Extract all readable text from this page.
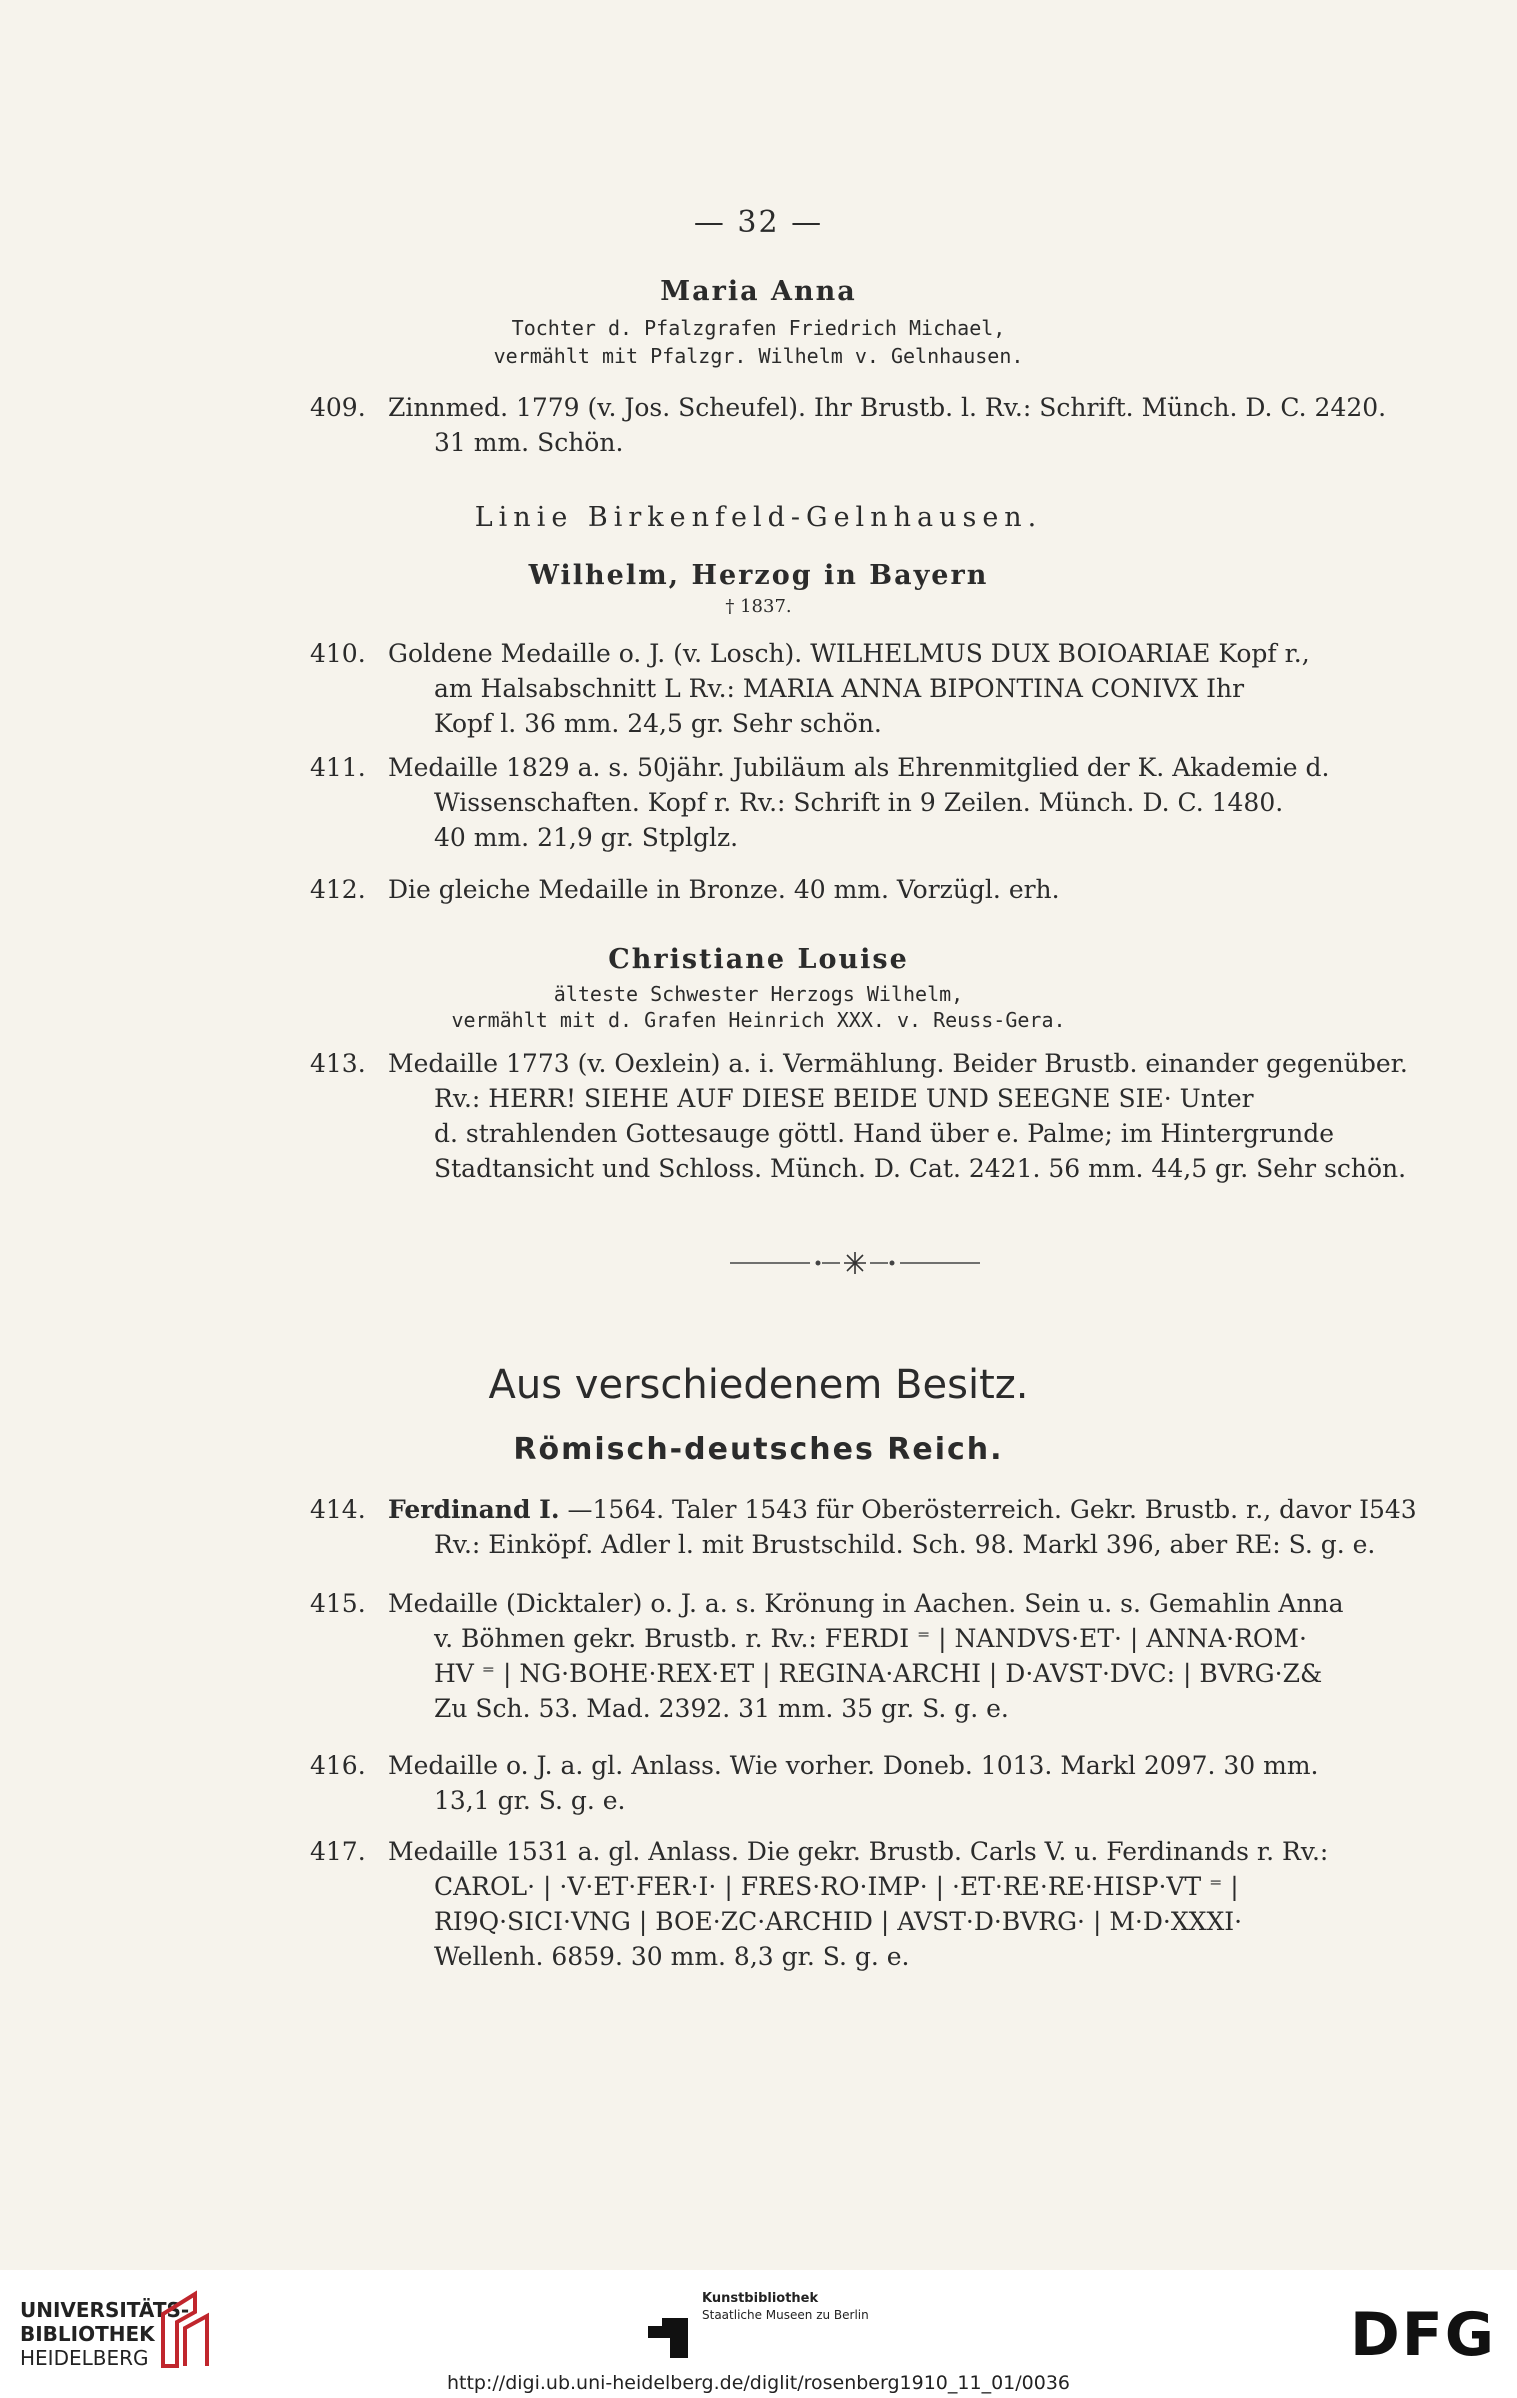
— 32 —
Maria Anna
Tochter d. Pfalzgrafen Friedrich Michael,
vermählt mit Pfalzgr. Wilhelm v. Gelnhausen.
409. Zinnmed. 1779 (v. Jos. Scheufel). Ihr Brustb. l. Rv.: Schrift. Münch. D. C. 2420.
31 mm. Schön.
Linie Birkenfeld-Gelnhausen.
Wilhelm, Herzog in Bayern
† 1837.
410. Goldene Medaille o. J. (v. Losch). WILHELMUS DUX BOIOARIAE Kopf r.,
am Halsabschnitt L Rv.: MARIA ANNA BIPONTINA CONIVX Ihr
Kopf l. 36 mm. 24,5 gr. Sehr schön.
411. Medaille 1829 a. s. 50jähr. Jubiläum als Ehrenmitglied der K. Akademie d.
Wissenschaften. Kopf r. Rv.: Schrift in 9 Zeilen. Münch. D. C. 1480.
40 mm. 21,9 gr. Stplglz.
412. Die gleiche Medaille in Bronze. 40 mm. Vorzügl. erh.
Christiane Louise
älteste Schwester Herzogs Wilhelm,
vermählt mit d. Grafen Heinrich XXX. v. Reuss-Gera.
413. Medaille 1773 (v. Oexlein) a. i. Vermählung. Beider Brustb. einander gegenüber.
Rv.: HERR! SIEHE AUF DIESE BEIDE UND SEEGNE SIE· Unter
d. strahlenden Gottesauge göttl. Hand über e. Palme; im Hintergrunde
Stadtansicht und Schloss. Münch. D. Cat. 2421. 56 mm. 44,5 gr. Sehr schön.
Aus verschiedenem Besitz.
Römisch-deutsches Reich.
414. Ferdinand I. —1564. Taler 1543 für Oberösterreich. Gekr. Brustb. r., davor I543
Rv.: Einköpf. Adler l. mit Brustschild. Sch. 98. Markl 396, aber RE: S. g. e.
415. Medaille (Dicktaler) o. J. a. s. Krönung in Aachen. Sein u. s. Gemahlin Anna
v. Böhmen gekr. Brustb. r. Rv.: FERDI ⁼ | NANDVS·ET· | ANNA·ROM·
HV ⁼ | NG·BOHE·REX·ET | REGINA·ARCHI | D·AVST·DVC: | BVRG·Z&
Zu Sch. 53. Mad. 2392. 31 mm. 35 gr. S. g. e.
416. Medaille o. J. a. gl. Anlass. Wie vorher. Doneb. 1013. Markl 2097. 30 mm.
13,1 gr. S. g. e.
417. Medaille 1531 a. gl. Anlass. Die gekr. Brustb. Carls V. u. Ferdinands r. Rv.:
CAROL· | ·V·ET·FER·I· | FRES·RO·IMP· | ·ET·RE·RE·HISP·VT ⁼ |
RI9Q·SICI·VNG | BOE·ZC·ARCHID | AVST·D·BVRG· | M·D·XXXI·
Wellenh. 6859. 30 mm. 8,3 gr. S. g. e.
UNIVERSITÄTS-
BIBLIOTHEK
HEIDELBERG
Kunstbibliothek
Staatliche Museen zu Berlin	DFG
http://digi.ub.uni-heidelberg.de/diglit/rosenberg1910_11_01/0036
